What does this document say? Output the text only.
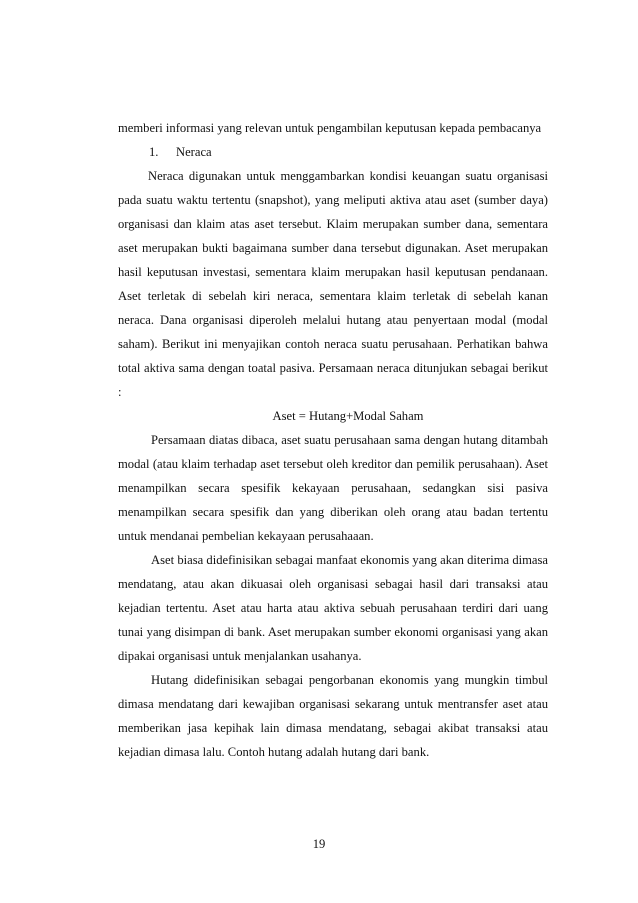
memberi informasi yang relevan untuk pengambilan keputusan kepada pembacanya

1. Neraca

Neraca digunakan untuk menggambarkan kondisi keuangan suatu organisasi pada suatu waktu tertentu (snapshot), yang meliputi aktiva atau aset (sumber daya) organisasi dan klaim atas aset tersebut. Klaim merupakan sumber dana, sementara aset merupakan bukti bagaimana sumber dana tersebut digunakan. Aset merupakan hasil keputusan investasi, sementara klaim merupakan hasil keputusan pendanaan. Aset terletak di sebelah kiri neraca, sementara klaim terletak di sebelah kanan neraca. Dana organisasi diperoleh melalui hutang atau penyertaan modal (modal saham). Berikut ini menyajikan contoh neraca suatu perusahaan. Perhatikan bahwa total aktiva sama dengan toatal pasiva. Persamaan neraca ditunjukan sebagai berikut :

Aset = Hutang+Modal Saham

Persamaan diatas dibaca, aset suatu perusahaan sama dengan hutang ditambah modal (atau klaim terhadap aset tersebut oleh kreditor dan pemilik perusahaan). Aset menampilkan secara spesifik kekayaan perusahaan, sedangkan sisi pasiva menampilkan secara spesifik dan yang diberikan oleh orang atau badan tertentu untuk mendanai pembelian kekayaan perusahaaan.

Aset biasa didefinisikan sebagai manfaat ekonomis yang akan diterima dimasa mendatang, atau akan dikuasai oleh organisasi sebagai hasil dari transaksi atau kejadian tertentu. Aset atau harta atau aktiva sebuah perusahaan terdiri dari uang tunai yang disimpan di bank. Aset merupakan sumber ekonomi organisasi yang akan dipakai organisasi untuk menjalankan usahanya.

Hutang didefinisikan sebagai pengorbanan ekonomis yang mungkin timbul dimasa mendatang dari kewajiban organisasi sekarang untuk mentransfer aset atau memberikan jasa kepihak lain dimasa mendatang, sebagai akibat transaksi atau kejadian dimasa lalu. Contoh hutang adalah hutang dari bank.

19
